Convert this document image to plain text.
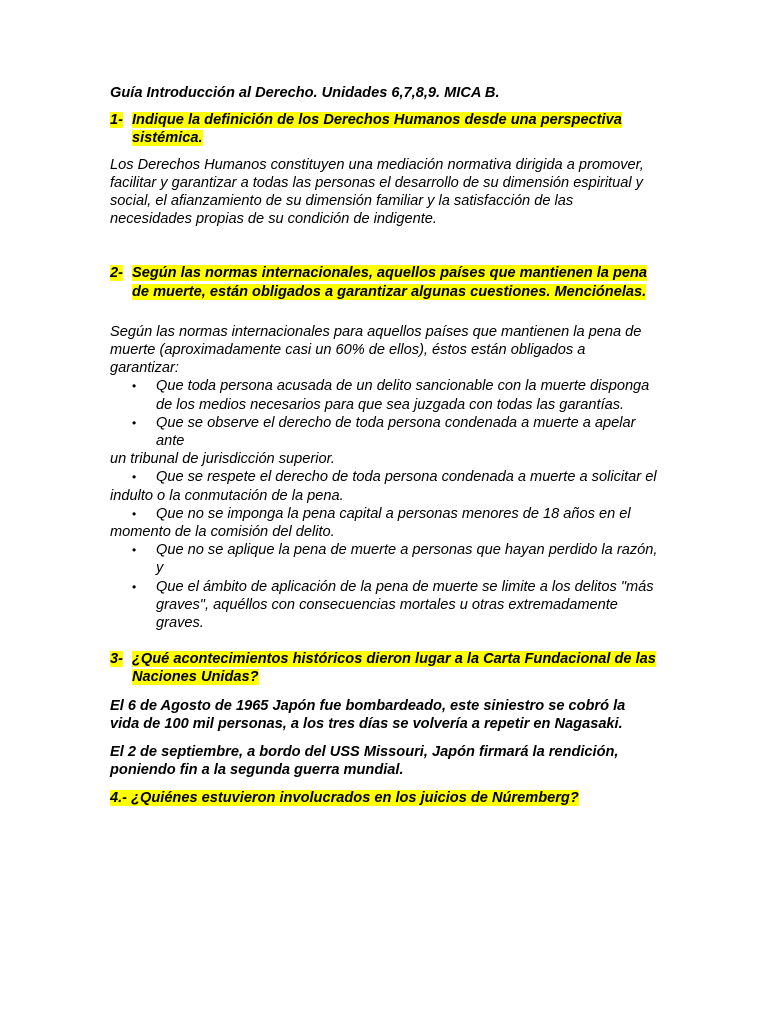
Guía Introducción al Derecho. Unidades 6,7,8,9. MICA B.

1- Indique la definición de los Derechos Humanos desde una perspectiva sistémica.

Los Derechos Humanos constituyen una mediación normativa dirigida a promover, facilitar y garantizar a todas las personas el desarrollo de su dimensión espiritual y social, el afianzamiento de su dimensión familiar y la satisfacción de las necesidades propias de su condición de indigente.

2- Según las normas internacionales, aquellos países que mantienen la pena de muerte, están obligados a garantizar algunas cuestiones. Menciónelas.

Según las normas internacionales para aquellos países que mantienen la pena de muerte (aproximadamente casi un 60% de ellos), éstos están obligados a garantizar:

• Que toda persona acusada de un delito sancionable con la muerte disponga de los medios necesarios para que sea juzgada con todas las garantías.
• Que se observe el derecho de toda persona condenada a muerte a apelar ante

un tribunal de jurisdicción superior.

• Que se respete el derecho de toda persona condenada a muerte a solicitar el

indulto o la conmutación de la pena.

• Que no se imponga la pena capital a personas menores de 18 años en el

momento de la comisión del delito.

• Que no se aplique la pena de muerte a personas que hayan perdido la razón, y
• Que el ámbito de aplicación de la pena de muerte se limite a los delitos "más graves", aquéllos con consecuencias mortales u otras extremadamente graves.
3- ¿Qué acontecimientos históricos dieron lugar a la Carta Fundacional de las Naciones Unidas?

El 6 de Agosto de 1965 Japón fue bombardeado, este siniestro se cobró la vida de 100 mil personas, a los tres días se volvería a repetir en Nagasaki.

El 2 de septiembre, a bordo del USS Missouri, Japón firmará la rendición, poniendo fin a la segunda guerra mundial.

4.- ¿Quiénes estuvieron involucrados en los juicios de Núremberg?
